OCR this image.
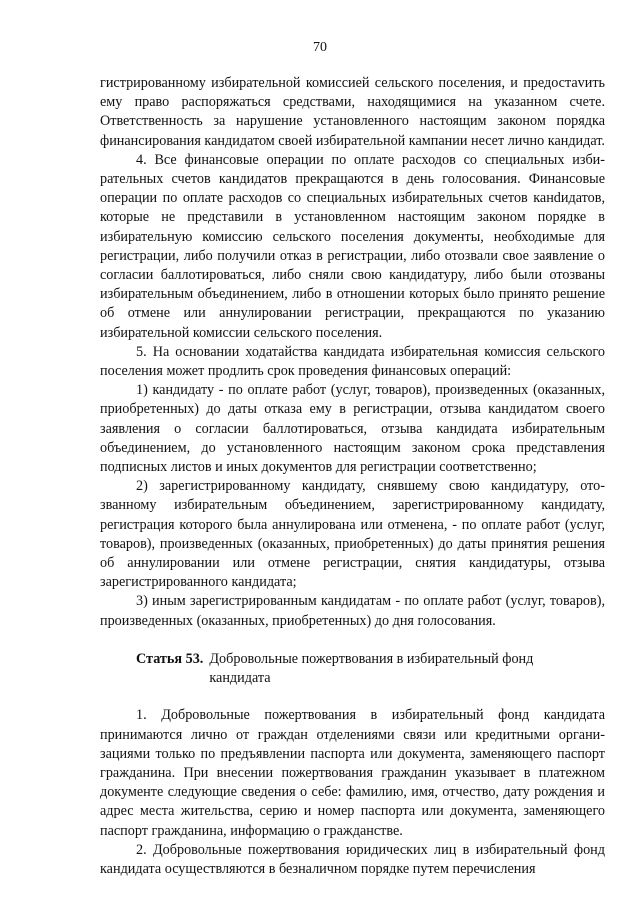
70

гистрированному избирательной комиссией сельского поселения, и предостаvить ему право распоряжаться средствами, находящимися на указанном счете. Ответственность за нарушение установленного настоящим законом порядка финансирования кандидатом своей избирательной кампании несет лично кандидат.

4. Все финансовые операции по оплате расходов со специальных избирательных счетов кандидатов прекращаются в день голосования. Финансовые операции по оплате расходов со специальных избирательных счетов канdидатов, которые не представили в установленном настоящим законом порядке в избирательную комиссию сельского поселения документы, необходимые для регистрации, либо получили отказ в регистрации, либо отозвали свое заявление о согласии баллотироваться, либо сняли свою кандидатуру, либо были отозваны избирательным объединением, либо в отношении которых было принято решение об отмене или аннулировании регистрации, прекращаются по указанию избирательной комиссии сельского поселения.

5. На основании ходатайства кандидата избирательная комиссия сельского поселения может продлить срок проведения финансовых операций:

1) кандидату - по оплате работ (услуг, товаров), произведенных (оказанных, приобретенных) до даты отказа ему в регистрации, отзыва кандидатом своего заявления о согласии баллотироваться, отзыва кандидата избирательным объединением, до установленного настоящим законом срока представления подписных листов и иных документов для регистрации соответственно;

2) зарегистрированному кандидату, снявшему свою кандидатуру, отозванному избирательным объединением, зарегистрированному кандидату, регистрация которого была аннулирована или отменена, - по оплате работ (услуг, товаров), произведенных (оказанных, приобретенных) до даты принятия решения об аннулировании или отмене регистрации, снятия кандидатуры, отзыва зарегистрированного кандидата;

3) иным зарегистрированным кандидатам - по оплате работ (услуг, товаров), произведенных (оказанных, приобретенных) до дня голосования.

Статья 53. Добровольные пожертвования в избирательный фонд кандидата

1. Добровольные пожертвования в избирательный фонд кандидата принимаются лично от граждан отделениями связи или кредитными организациями только по предъявлении паспорта или документа, заменяющего паспорт гражданина. При внесении пожертвования гражданин указывает в платежном документе следующие сведения о себе: фамилию, имя, отчество, дату рождения и адрес места жительства, серию и номер паспорта или документа, заменяющего паспорт гражданина, информацию о гражданстве.

2. Добровольные пожертвования юридических лиц в избирательный фонд кандидата осуществляются в безналичном порядке путем перечисления
